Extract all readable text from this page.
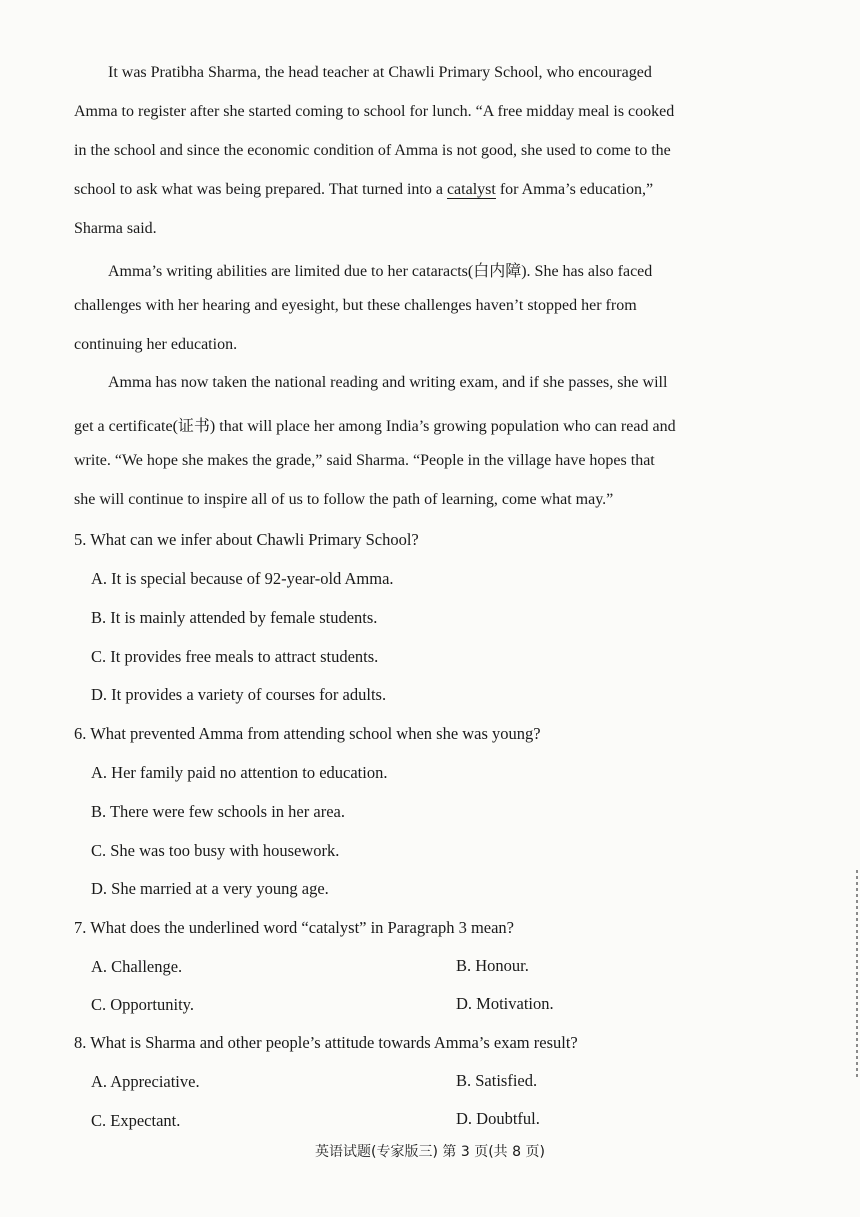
It was Pratibha Sharma, the head teacher at Chawli Primary School, who encouraged
Amma to register after she started coming to school for lunch. “A free midday meal is cooked
in the school and since the economic condition of Amma is not good, she used to come to the
school to ask what was being prepared. That turned into a catalyst for Amma’s education,”
Sharma said.
Amma’s writing abilities are limited due to her cataracts(白内障). She has also faced
challenges with her hearing and eyesight, but these challenges haven’t stopped her from
continuing her education.
Amma has now taken the national reading and writing exam, and if she passes, she will
get a certificate(证书) that will place her among India’s growing population who can read and
write. “We hope she makes the grade,” said Sharma. “People in the village have hopes that
she will continue to inspire all of us to follow the path of learning, come what may.”
5. What can we infer about Chawli Primary School?
A. It is special because of 92-year-old Amma.
B. It is mainly attended by female students.
C. It provides free meals to attract students.
D. It provides a variety of courses for adults.
6. What prevented Amma from attending school when she was young?
A. Her family paid no attention to education.
B. There were few schools in her area.
C. She was too busy with housework.
D. She married at a very young age.
7. What does the underlined word “catalyst” in Paragraph 3 mean?
A. Challenge.	B. Honour.
C. Opportunity.	D. Motivation.
8. What is Sharma and other people’s attitude towards Amma’s exam result?
A. Appreciative.	B. Satisfied.
C. Expectant.	D. Doubtful.
英语试题(专家版三) 第 3 页(共 8 页)
